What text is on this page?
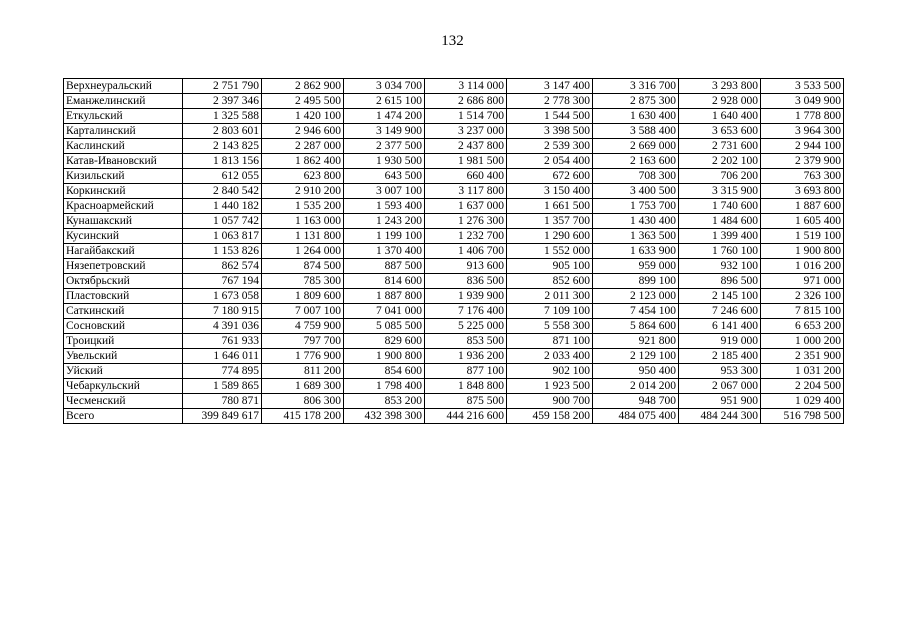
132
Верхнеуральский	2 751 790	2 862 900	3 034 700	3 114 000	3 147 400	3 316 700	3 293 800	3 533 500
Еманжелинский	2 397 346	2 495 500	2 615 100	2 686 800	2 778 300	2 875 300	2 928 000	3 049 900
Еткульский	1 325 588	1 420 100	1 474 200	1 514 700	1 544 500	1 630 400	1 640 400	1 778 800
Карталинский	2 803 601	2 946 600	3 149 900	3 237 000	3 398 500	3 588 400	3 653 600	3 964 300
Каслинский	2 143 825	2 287 000	2 377 500	2 437 800	2 539 300	2 669 000	2 731 600	2 944 100
Катав-Ивановский	1 813 156	1 862 400	1 930 500	1 981 500	2 054 400	2 163 600	2 202 100	2 379 900
Кизильский	612 055	623 800	643 500	660 400	672 600	708 300	706 200	763 300
Коркинский	2 840 542	2 910 200	3 007 100	3 117 800	3 150 400	3 400 500	3 315 900	3 693 800
Красноармейский	1 440 182	1 535 200	1 593 400	1 637 000	1 661 500	1 753 700	1 740 600	1 887 600
Кунашакский	1 057 742	1 163 000	1 243 200	1 276 300	1 357 700	1 430 400	1 484 600	1 605 400
Кусинский	1 063 817	1 131 800	1 199 100	1 232 700	1 290 600	1 363 500	1 399 400	1 519 100
Нагайбакский	1 153 826	1 264 000	1 370 400	1 406 700	1 552 000	1 633 900	1 760 100	1 900 800
Нязепетровский	862 574	874 500	887 500	913 600	905 100	959 000	932 100	1 016 200
Октябрьский	767 194	785 300	814 600	836 500	852 600	899 100	896 500	971 000
Пластовский	1 673 058	1 809 600	1 887 800	1 939 900	2 011 300	2 123 000	2 145 100	2 326 100
Саткинский	7 180 915	7 007 100	7 041 000	7 176 400	7 109 100	7 454 100	7 246 600	7 815 100
Сосновский	4 391 036	4 759 900	5 085 500	5 225 000	5 558 300	5 864 600	6 141 400	6 653 200
Троицкий	761 933	797 700	829 600	853 500	871 100	921 800	919 000	1 000 200
Увельский	1 646 011	1 776 900	1 900 800	1 936 200	2 033 400	2 129 100	2 185 400	2 351 900
Уйский	774 895	811 200	854 600	877 100	902 100	950 400	953 300	1 031 200
Чебаркульский	1 589 865	1 689 300	1 798 400	1 848 800	1 923 500	2 014 200	2 067 000	2 204 500
Чесменский	780 871	806 300	853 200	875 500	900 700	948 700	951 900	1 029 400
Всего	399 849 617	415 178 200	432 398 300	444 216 600	459 158 200	484 075 400	484 244 300	516 798 500
